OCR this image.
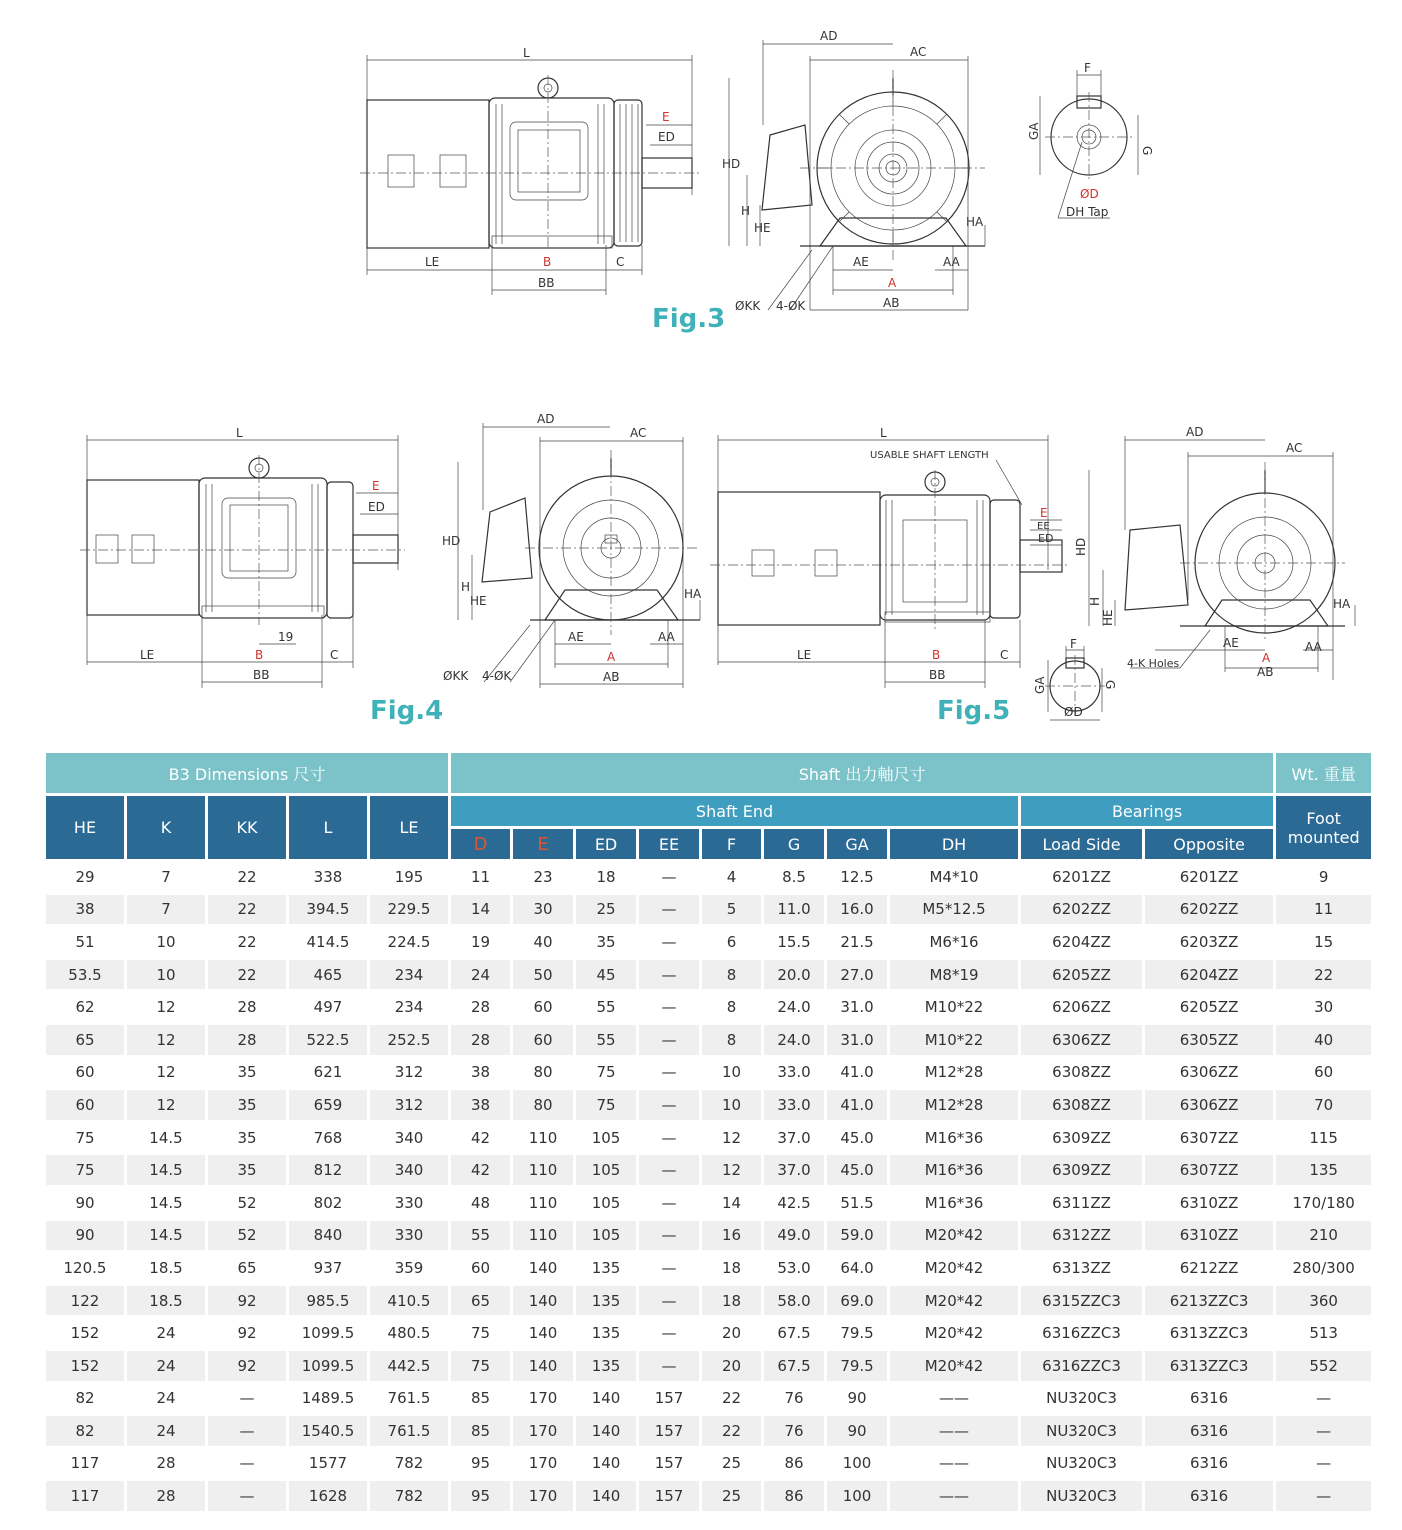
L
E
ED
LE	B	C
BB
AD
AC
HD
H
HE	HA
AE	AA
A
AB
ØKK 4-ØK
F
GA
G
ØD
DH Tap
Fig.3
L
E
ED
19
LE	B	C
BB
AD
AC
HD
H
HE	HA
AE	AA
A
AB
ØKK 4-ØK
Fig.4
L
USABLE SHAFT LENGTH
E
EE
ED
LE	B	C
BB
AD
AC
HD
H
HE
HA
AE	AA
A
AB
4-K Holes
F
GA	G
ØD
Fig.5
B3 Dimensions 尺寸					Shaft 出力軸尺寸										Wt. 重量
HE	K	KK	L	LE	Shaft End								Bearings		Foot mounted
					D	E	ED	EE	F	G	GA	DH	Load Side	Opposite	
29	7	22	338	195	11	23	18	—	4	8.5	12.5	M4*10	6201ZZ	6201ZZ	9
38	7	22	394.5	229.5	14	30	25	—	5	11.0	16.0	M5*12.5	6202ZZ	6202ZZ	11
51	10	22	414.5	224.5	19	40	35	—	6	15.5	21.5	M6*16	6204ZZ	6203ZZ	15
53.5	10	22	465	234	24	50	45	—	8	20.0	27.0	M8*19	6205ZZ	6204ZZ	22
62	12	28	497	234	28	60	55	—	8	24.0	31.0	M10*22	6206ZZ	6205ZZ	30
65	12	28	522.5	252.5	28	60	55	—	8	24.0	31.0	M10*22	6306ZZ	6305ZZ	40
60	12	35	621	312	38	80	75	—	10	33.0	41.0	M12*28	6308ZZ	6306ZZ	60
60	12	35	659	312	38	80	75	—	10	33.0	41.0	M12*28	6308ZZ	6306ZZ	70
75	14.5	35	768	340	42	110	105	—	12	37.0	45.0	M16*36	6309ZZ	6307ZZ	115
75	14.5	35	812	340	42	110	105	—	12	37.0	45.0	M16*36	6309ZZ	6307ZZ	135
90	14.5	52	802	330	48	110	105	—	14	42.5	51.5	M16*36	6311ZZ	6310ZZ	170/180
90	14.5	52	840	330	55	110	105	—	16	49.0	59.0	M20*42	6312ZZ	6310ZZ	210
120.5	18.5	65	937	359	60	140	135	—	18	53.0	64.0	M20*42	6313ZZ	6212ZZ	280/300
122	18.5	92	985.5	410.5	65	140	135	—	18	58.0	69.0	M20*42	6315ZZC3	6213ZZC3	360
152	24	92	1099.5	480.5	75	140	135	—	20	67.5	79.5	M20*42	6316ZZC3	6313ZZC3	513
152	24	92	1099.5	442.5	75	140	135	—	20	67.5	79.5	M20*42	6316ZZC3	6313ZZC3	552
82	24	—	1489.5	761.5	85	170	140	157	22	76	90	——	NU320C3	6316	—
82	24	—	1540.5	761.5	85	170	140	157	22	76	90	——	NU320C3	6316	—
117	28	—	1577	782	95	170	140	157	25	86	100	——	NU320C3	6316	—
117	28	—	1628	782	95	170	140	157	25	86	100	——	NU320C3	6316	—
